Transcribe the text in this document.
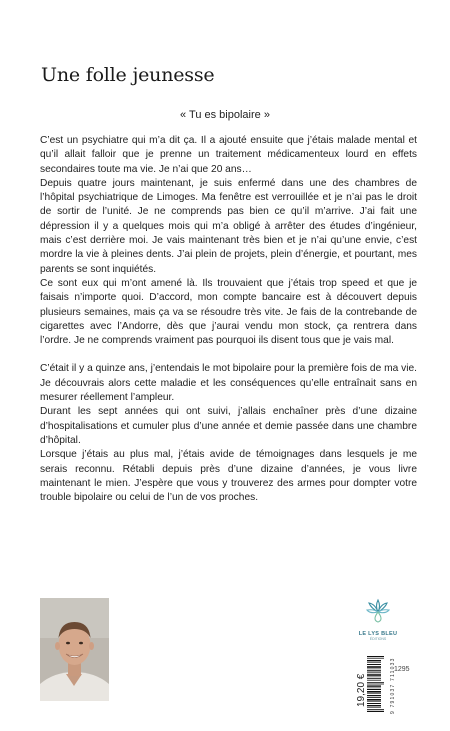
Une folle jeunesse
« Tu es bipolaire »

C’est un psychiatre qui m’a dit ça. Il a ajouté ensuite que j’étais malade mental et qu’il allait falloir que je prenne un traitement médicamenteux lourd en effets secondaires toute ma vie. Je n’ai que 20 ans…

Depuis quatre jours maintenant, je suis enfermé dans une des chambres de l’hôpital psychiatrique de Limoges. Ma fenêtre est verrouillée et je n’ai pas le droit de sortir de l’unité. Je ne comprends pas bien ce qu’il m’arrive. J’ai fait une dépression il y a quelques mois qui m’a obligé à arrêter des études d’ingénieur, mais c’est derrière moi. Je vais maintenant très bien et je n’ai qu’une envie, c’est mordre la vie à pleines dents. J’ai plein de projets, plein d’énergie, et pourtant, mes parents se sont inquiétés.

Ce sont eux qui m’ont amené là. Ils trouvaient que j’étais trop speed et que je faisais n’importe quoi. D’accord, mon compte bancaire est à découvert depuis plusieurs semaines, mais ça va se résoudre très vite. Je fais de la contrebande de cigarettes avec l’Andorre, dès que j’aurai vendu mon stock, ça rentrera dans l’ordre. Je ne comprends vraiment pas pourquoi ils disent tous que je vais mal.

C’était il y a quinze ans, j’entendais le mot bipolaire pour la première fois de ma vie. Je découvrais alors cette maladie et les conséquences qu’elle entraînait sans en mesurer réellement l’ampleur.

Durant les sept années qui ont suivi, j’allais enchaîner près d’une dizaine d’hospitalisations et cumuler plus d’une année et demie passée dans une chambre d’hôpital.

Lorsque j’étais au plus mal, j’étais avide de témoignages dans lesquels je me serais reconnu. Rétabli depuis près d’une dizaine d’années, je vous livre maintenant le mien. J’espère que vous y trouverez des armes pour dompter votre trouble bipolaire ou celui de l’un de vos proches.

LE LYS BLEU
ÉDITIONS
1295
19,20 €	9 791037 711033
